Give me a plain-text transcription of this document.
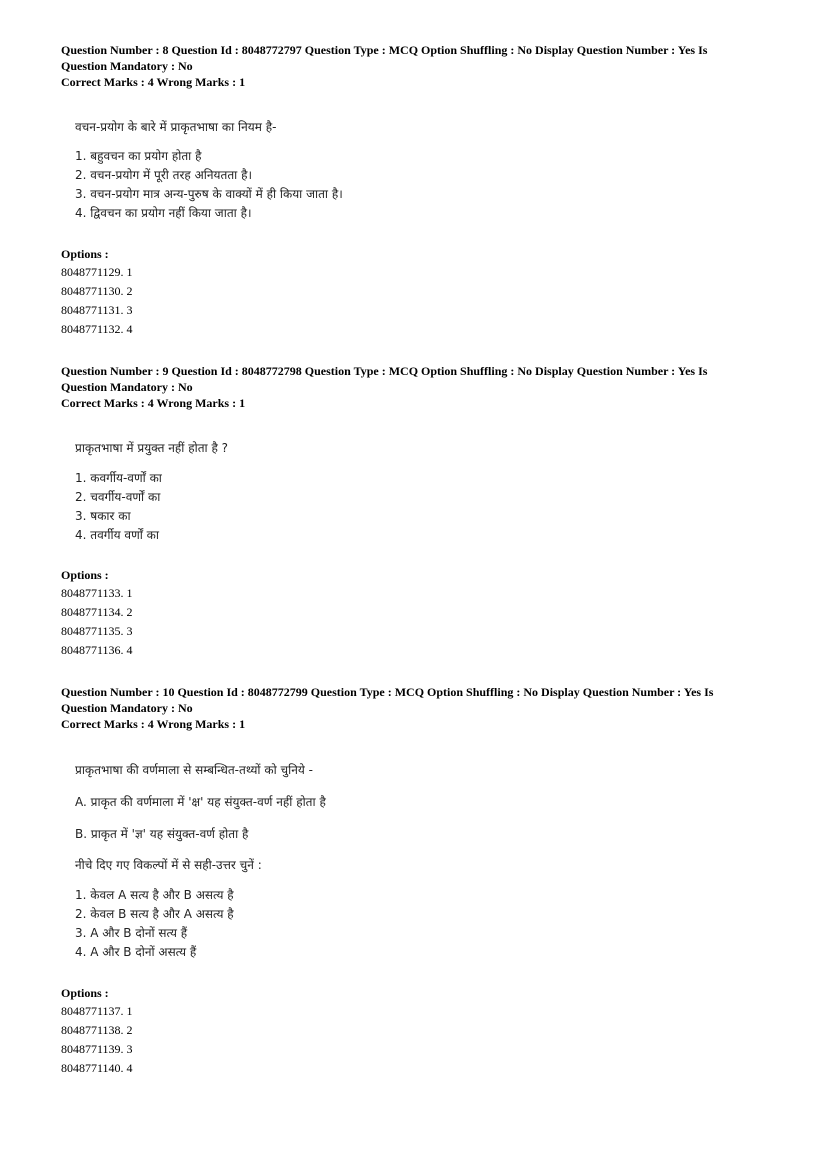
Question Number : 8 Question Id : 8048772797 Question Type : MCQ Option Shuffling : No Display Question Number : Yes Is

Question Mandatory : No

Correct Marks : 4 Wrong Marks : 1

वचन-प्रयोग के बारे में प्राकृतभाषा का नियम है-
1. बहुवचन का प्रयोग होता है
2. वचन-प्रयोग में पूरी तरह अनियतता है।
3. वचन-प्रयोग मात्र अन्य-पुरुष के वाक्यों में ही किया जाता है।
4. द्विवचन का प्रयोग नहीं किया जाता है।
Options :
8048771129. 1
8048771130. 2
8048771131. 3
8048771132. 4

Question Number : 9 Question Id : 8048772798 Question Type : MCQ Option Shuffling : No Display Question Number : Yes Is

Question Mandatory : No

Correct Marks : 4 Wrong Marks : 1

प्राकृतभाषा में प्रयुक्त नहीं होता है ?
1. कवर्गीय-वर्णों का
2. चवर्गीय-वर्णों का
3. षकार का
4. तवर्गीय वर्णों का
Options :
8048771133. 1
8048771134. 2
8048771135. 3
8048771136. 4

Question Number : 10 Question Id : 8048772799 Question Type : MCQ Option Shuffling : No Display Question Number : Yes Is

Question Mandatory : No

Correct Marks : 4 Wrong Marks : 1

प्राकृतभाषा की वर्णमाला से सम्बन्धित-तथ्यों को चुनिये -
A. प्राकृत की वर्णमाला में 'क्ष' यह संयुक्त-वर्ण नहीं होता है
B. प्राकृत में 'ज्ञ' यह संयुक्त-वर्ण होता है
नीचे दिए गए विकल्पों में से सही-उत्तर चुनें :
1. केवल A सत्य है और B असत्य है
2. केवल B सत्य है और A असत्य है
3. A और B दोनों सत्य हैं
4. A और B दोनों असत्य हैं
Options :
8048771137. 1
8048771138. 2
8048771139. 3
8048771140. 4
